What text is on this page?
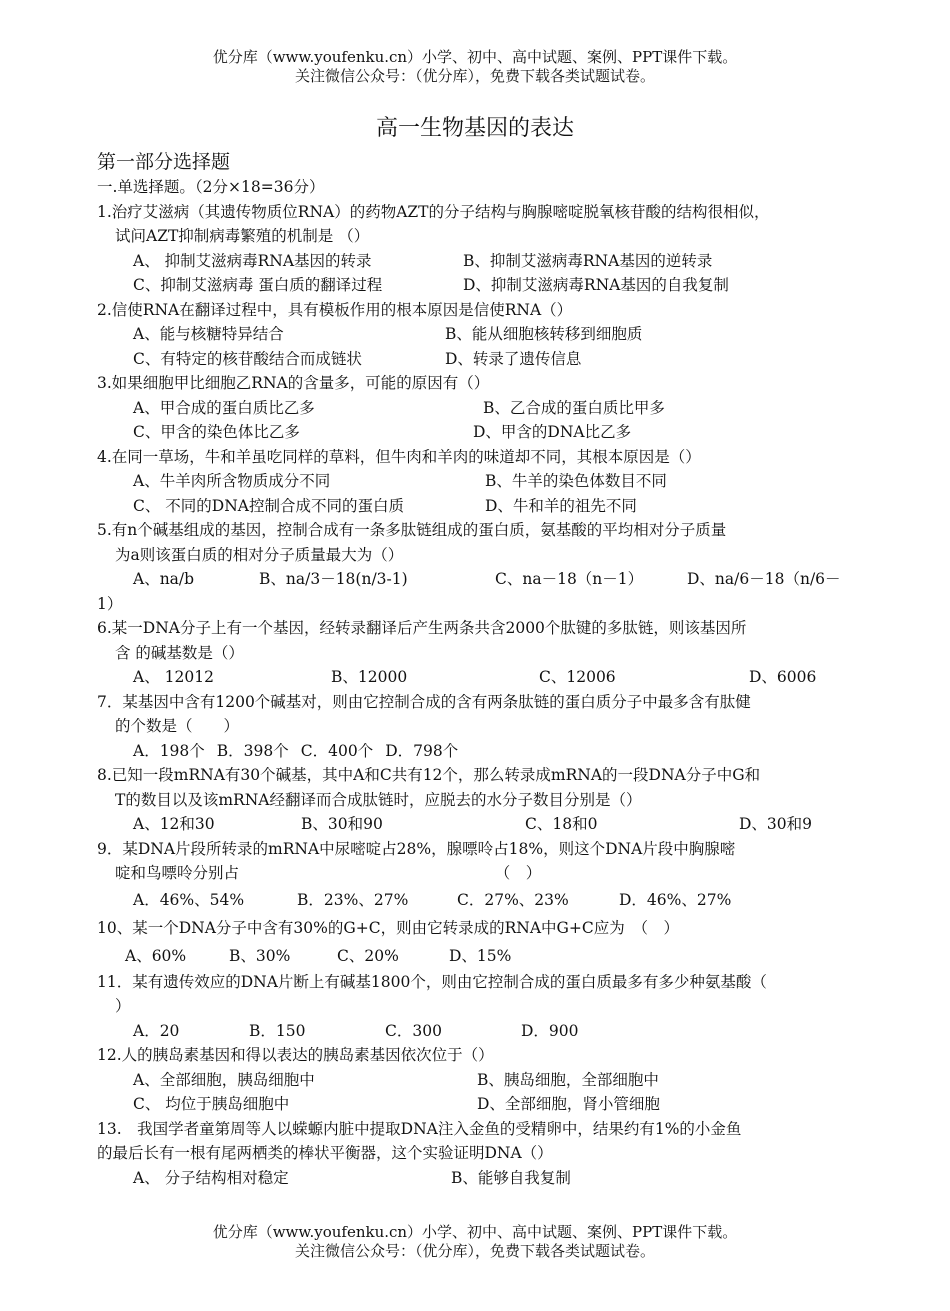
优分库（www.youfenku.cn）小学、初中、高中试题、案例、PPT课件下载。
关注微信公众号：（优分库），免费下载各类试题试卷。
高一生物基因的表达
第一部分选择题
一.单选择题。（2分×18=36分）
1.治疗艾滋病（其遗传物质位RNA）的药物AZT的分子结构与胸腺嘧啶脱氧核苷酸的结构很相似，
试问AZT抑制病毒繁殖的机制是 （）
A、 抑制艾滋病毒RNA基因的转录	B、抑制艾滋病毒RNA基因的逆转录
C、抑制艾滋病毒 蛋白质的翻译过程	D、抑制艾滋病毒RNA基因的自我复制
2.信使RNA在翻译过程中，具有模板作用的根本原因是信使RNA（）
A、能与核糖特异结合	B、能从细胞核转移到细胞质
C、有特定的核苷酸结合而成链状	D、转录了遗传信息
3.如果细胞甲比细胞乙RNA的含量多，可能的原因有（）
A、甲合成的蛋白质比乙多	B、乙合成的蛋白质比甲多
C、甲含的染色体比乙多	D、甲含的DNA比乙多
4.在同一草场，牛和羊虽吃同样的草料，但牛肉和羊肉的味道却不同，其根本原因是（）
A、牛羊肉所含物质成分不同	B、牛羊的染色体数目不同
C、 不同的DNA控制合成不同的蛋白质	D、牛和羊的祖先不同
5.有n个碱基组成的基因，控制合成有一条多肽链组成的蛋白质，氨基酸的平均相对分子质量
为a则该蛋白质的相对分子质量最大为（）
A、na/b	B、na/3－18(n/3-1)	C、na－18（n－1）	D、na/6－18（n/6－
1）
6.某一DNA分子上有一个基因，经转录翻译后产生两条共含2000个肽键的多肽链，则该基因所
含 的碱基数是（）
A、 12012	B、12000	C、12006	D、6006
7．某基因中含有1200个碱基对，则由它控制合成的含有两条肽链的蛋白质分子中最多含有肽健
的个数是（　　）
A．198个 B．398个 C．400个 D．798个
8.已知一段mRNA有30个碱基，其中A和C共有12个，那么转录成mRNA的一段DNA分子中G和
T的数目以及该mRNA经翻译而合成肽链时，应脱去的水分子数目分别是（）
A、12和30	B、30和90	C、18和0	D、30和9
9．某DNA片段所转录的mRNA中尿嘧啶占28%，腺嘌呤占18%，则这个DNA片段中胸腺嘧
啶和鸟嘌呤分别占　　　　　　　　　　　　　　　　　（　）
A．46%、54%	B．23%、27%	C．27%、23%	D．46%、27%
10、某一个DNA分子中含有30%的G+C，则由它转录成的RNA中G+C应为　（　）
A、60%	B、30%	C、20%	D、15%
11．某有遗传效应的DNA片断上有碱基1800个，则由它控制合成的蛋白质最多有多少种氨基酸（
）
A．20	B．150	C．300	D．900
12.人的胰岛素基因和得以表达的胰岛素基因依次位于（）
A、全部细胞，胰岛细胞中	B、胰岛细胞，全部细胞中
C、 均位于胰岛细胞中	D、全部细胞，肾小管细胞
13.　我国学者童第周等人以蝾螈内脏中提取DNA注入金鱼的受精卵中，结果约有1%的小金鱼
的最后长有一根有尾两栖类的棒状平衡器，这个实验证明DNA（）
A、 分子结构相对稳定	B、能够自我复制
优分库（www.youfenku.cn）小学、初中、高中试题、案例、PPT课件下载。
关注微信公众号：（优分库），免费下载各类试题试卷。
